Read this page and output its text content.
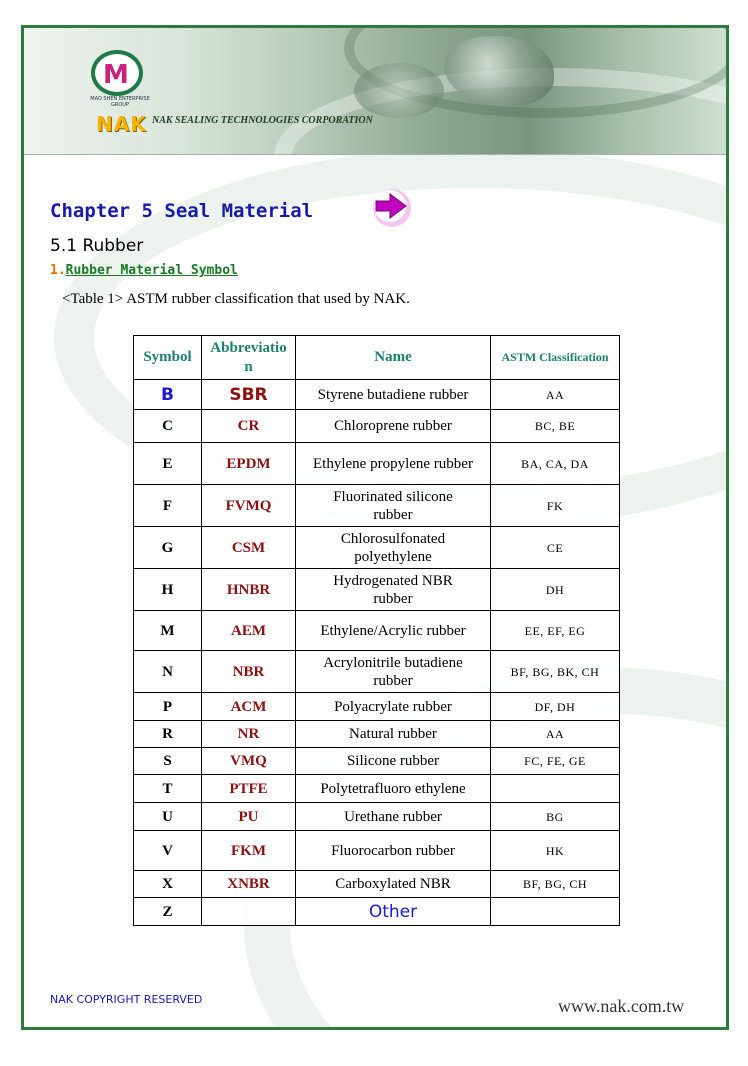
M
MAO SHEN ENTERPRISE GROUP
NAK NAK SEALING TECHNOLOGIES CORPORATION
Chapter 5 Seal Material
5.1 Rubber
1.Rubber Material Symbol
<Table 1> ASTM rubber classification that used by NAK.
Symbol	Abbreviation	Name	ASTM Classification
B	SBR	Styrene butadiene rubber	AA
C	CR	Chloroprene rubber	BC, BE
E	EPDM	Ethylene propylene rubber	BA, CA, DA
F	FVMQ	Fluorinated silicone rubber	FK
G	CSM	Chlorosulfonated polyethylene	CE
H	HNBR	Hydrogenated NBR rubber	DH
M	AEM	Ethylene/Acrylic rubber	EE, EF, EG
N	NBR	Acrylonitrile butadiene rubber	BF, BG, BK, CH
P	ACM	Polyacrylate rubber	DF, DH
R	NR	Natural rubber	AA
S	VMQ	Silicone rubber	FC, FE, GE
T	PTFE	Polytetrafluoro ethylene	
U	PU	Urethane rubber	BG
V	FKM	Fluorocarbon rubber	HK
X	XNBR	Carboxylated NBR	BF, BG, CH
Z		Other	
NAK COPYRIGHT RESERVED	www.nak.com.tw
